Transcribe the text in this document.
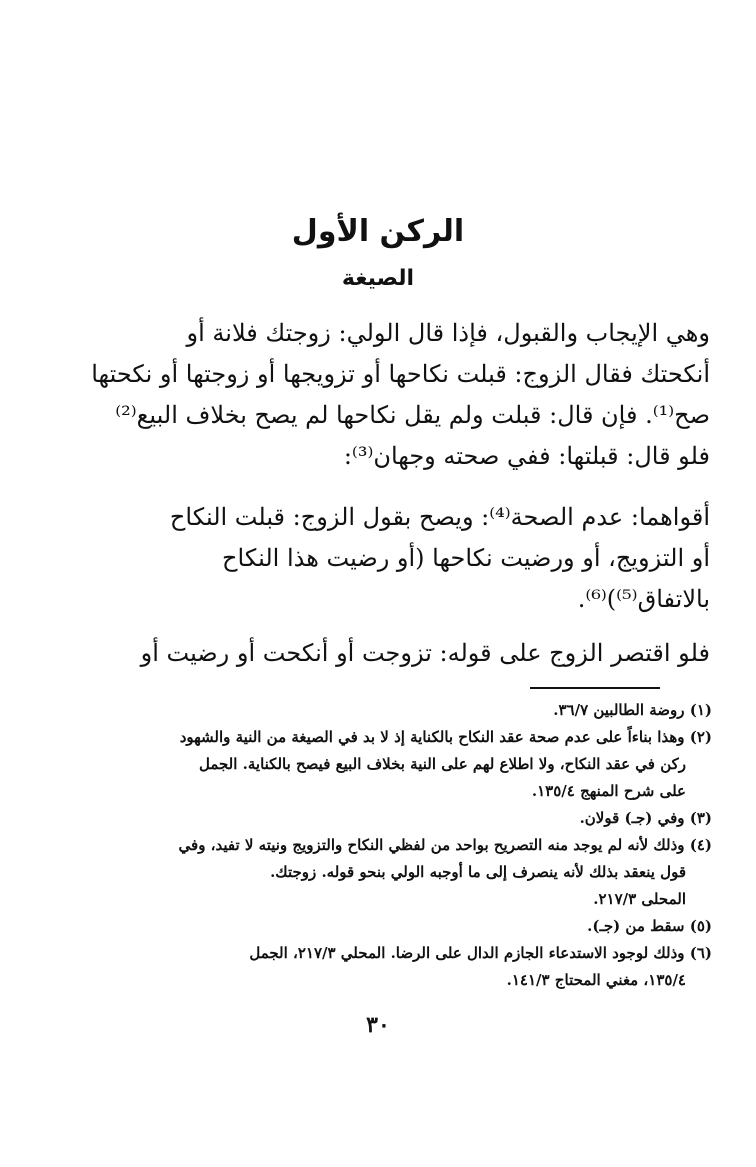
الركن الأول
الصيغة
وهي الإيجاب والقبول، فإذا قال الولي: زوجتك فلانة أو
أنكحتك فقال الزوج: قبلت نكاحها أو تزويجها أو زوجتها أو نكحتها
صح⁽¹⁾. فإن قال: قبلت ولم يقل نكاحها لم يصح بخلاف البيع⁽²⁾
فلو قال: قبلتها: ففي صحته وجهان⁽³⁾:
أقواهما: عدم الصحة⁽⁴⁾: ويصح بقول الزوج: قبلت النكاح
أو التزويج، أو ورضيت نكاحها (أو رضيت هذا النكاح
بالاتفاق⁽⁵⁾)⁽⁶⁾.
فلو اقتصر الزوج على قوله: تزوجت أو أنكحت أو رضيت أو
(١) روضة الطالبين ٣٦/٧.
(٢) وهذا بناءاً على عدم صحة عقد النكاح بالكناية إذ لا بد في الصيغة من النية والشهود
ركن في عقد النكاح، ولا اطلاع لهم على النية بخلاف البيع فيصح بالكناية. الجمل
على شرح المنهج ١٣٥/٤.
(٣) وفي (جـ) قولان.
(٤) وذلك لأنه لم يوجد منه التصريح بواحد من لفظي النكاح والتزويج ونيته لا تفيد، وفي
قول ينعقد بذلك لأنه ينصرف إلى ما أوجبه الولي بنحو قوله. زوجتك.
المحلى ٢١٧/٣.
(٥) سقط من (جـ).
(٦) وذلك لوجود الاستدعاء الجازم الدال على الرضا. المحلي ٢١٧/٣، الجمل
١٣٥/٤، مغني المحتاج ١٤١/٣.
٣٠
